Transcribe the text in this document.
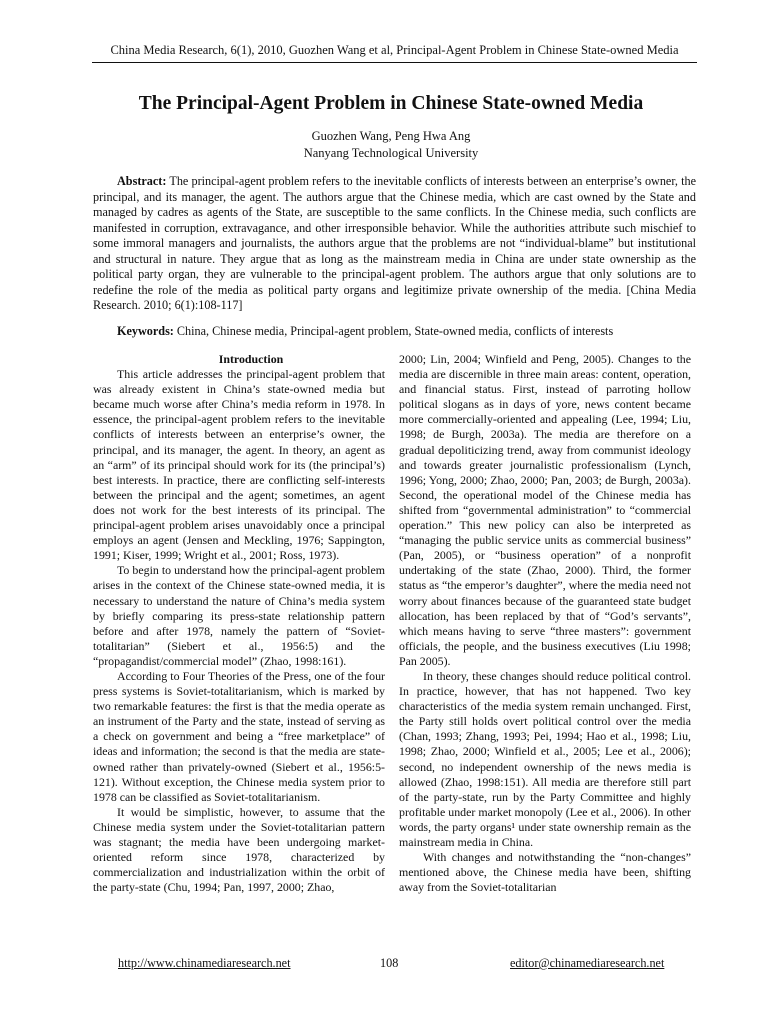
China Media Research, 6(1), 2010, Guozhen Wang et al, Principal-Agent Problem in Chinese State-owned Media
The Principal-Agent Problem in Chinese State-owned Media
Guozhen Wang, Peng Hwa Ang
Nanyang Technological University

Abstract: The principal-agent problem refers to the inevitable conflicts of interests between an enterprise’s owner, the principal, and its manager, the agent. The authors argue that the Chinese media, which are cast owned by the State and managed by cadres as agents of the State, are susceptible to the same conflicts. In the Chinese media, such conflicts are manifested in corruption, extravagance, and other irresponsible behavior. While the authorities attribute such mischief to some immoral managers and journalists, the authors argue that the problems are not “individual-blame” but institutional and structural in nature. They argue that as long as the mainstream media in China are under state ownership as the political party organ, they are vulnerable to the principal-agent problem. The authors argue that only solutions are to redefine the role of the media as political party organs and legitimize private ownership of the media. [China Media Research. 2010; 6(1):108-117]

Keywords: China, Chinese media, Principal-agent problem, State-owned media, conflicts of interests

Introduction

This article addresses the principal-agent problem that was already existent in China’s state-owned media but became much worse after China’s media reform in 1978. In essence, the principal-agent problem refers to the inevitable conflicts of interests between an enterprise’s owner, the principal, and its manager, the agent. In theory, an agent as an “arm” of its principal should work for its (the principal’s) best interests. In practice, there are conflicting self-interests between the principal and the agent; sometimes, an agent does not work for the best interests of its principal. The principal-agent problem arises unavoidably once a principal employs an agent (Jensen and Meckling, 1976; Sappington, 1991; Kiser, 1999; Wright et al., 2001; Ross, 1973).

To begin to understand how the principal-agent problem arises in the context of the Chinese state-owned media, it is necessary to understand the nature of China’s media system by briefly comparing its press-state relationship pattern before and after 1978, namely the pattern of “Soviet-totalitarian” (Siebert et al., 1956:5) and the “propagandist/commercial model” (Zhao, 1998:161).

According to Four Theories of the Press, one of the four press systems is Soviet-totalitarianism, which is marked by two remarkable features: the first is that the media operate as an instrument of the Party and the state, instead of serving as a check on government and being a “free marketplace” of ideas and information; the second is that the media are state-owned rather than privately-owned (Siebert et al., 1956:5-121). Without exception, the Chinese media system prior to 1978 can be classified as Soviet-totalitarianism.

It would be simplistic, however, to assume that the Chinese media system under the Soviet-totalitarian pattern was stagnant; the media have been undergoing market-oriented reform since 1978, characterized by commercialization and industrialization within the orbit of the party-state (Chu, 1994; Pan, 1997, 2000; Zhao,

2000; Lin, 2004; Winfield and Peng, 2005). Changes to the media are discernible in three main areas: content, operation, and financial status. First, instead of parroting hollow political slogans as in days of yore, news content became more commercially-oriented and appealing (Lee, 1994; Liu, 1998; de Burgh, 2003a). The media are therefore on a gradual depoliticizing trend, away from communist ideology and towards greater journalistic professionalism (Lynch, 1996; Yong, 2000; Zhao, 2000; Pan, 2003; de Burgh, 2003a). Second, the operational model of the Chinese media has shifted from “governmental administration” to “commercial operation.” This new policy can also be interpreted as “managing the public service units as commercial business” (Pan, 2005), or “business operation” of a nonprofit undertaking of the state (Zhao, 2000). Third, the former status as “the emperor’s daughter”, where the media need not worry about finances because of the guaranteed state budget allocation, has been replaced by that of “God’s servants”, which means having to serve “three masters”: government officials, the people, and the business executives (Liu 1998; Pan 2005).

In theory, these changes should reduce political control. In practice, however, that has not happened. Two key characteristics of the media system remain unchanged. First, the Party still holds overt political control over the media (Chan, 1993; Zhang, 1993; Pei, 1994; Hao et al., 1998; Liu, 1998; Zhao, 2000; Winfield et al., 2005; Lee et al., 2006); second, no independent ownership of the news media is allowed (Zhao, 1998:151). All media are therefore still part of the party-state, run by the Party Committee and highly profitable under market monopoly (Lee et al., 2006). In other words, the party organs¹ under state ownership remain as the mainstream media in China.

With changes and notwithstanding the “non-changes” mentioned above, the Chinese media have been, shifting away from the Soviet-totalitarian

http://www.chinamediaresearch.net	108	editor@chinamediaresearch.net
